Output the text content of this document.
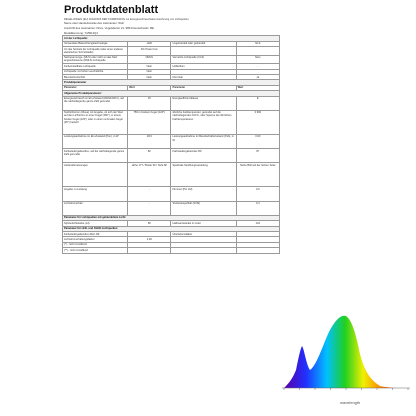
Produktdatenblatt
REGELUNGEN (EU) 2019/2015 DER KOMMISSION zur Energieverbrauchskennzeichnung von Lichtquellen
Name oder Handelsmarke des Lieferanten: Wofi
Anschrift des Lieferanten: Dries, Vogelsberstr 21, 9654 Deutschwritz, BE
Modellkennung: 7A5612Q4
Art der Lichtquelle:			
Verwendete Beleuchtungstechnologie	LED	Ungebündelt oder gebündelt	NLS
Art des Sockels der Lichtquelle (oder einer anderen elektrischen Schnittstelle)	DC Power bus		
Netzspannungs- (MLS) oder nicht an das Netz angeschlossene (NMLS) Lichtquelle	NMLS	Vernetzte Lichtquelle (CLS)	Nein
Farbeinstellbare Lichtquelle	Nein	Hüllkolben	-
Lichtquelle mit hoher Leuchtdichte	Nein		
Blendschutzschild	Nein	Dimmbar	Ja
Produktparameter			
Parameter	Wert	Parameter	Wert
Allgemeine Produktparameter:			
Energieverbrauch im Ein-Zustand (kWh/1000 h), auf die nächstliegende ganze Zahl gerundet	15	Energieeffizienzklasse	E
Nutzlichtstrom (Φuse) mit Angabe, ob sich der Wert auf den Lichtstrom in einer Kugel (360°), in einem breiten Kegel (120°) oder in einem schmalen Kegel (90°) bezieht	756 in breitem Kegel (120°)	ähnliche Farbtemperatur, gerundet auf die nächstliegenden 100 K, oder Spanne der ähnlichen Farbtemperaturen	3 900
Leistungsaufnahme im Ein-Zustand (Pon), in W	18,0	Leistungsaufnahme im Bereitschaftszustand (Psb), in W	0,00
Farbwiedergabeindex, auf die nächstliegende ganze Zahl gerundet	82	Farbwiedergabeindex R9	87
Außenabmessungen	Höhe 177 / Breite 30 / Tiefe 80	Spektrale Strahlungsverteilung	Siehe Bild auf der letzten Seite
Angabe zu Leistung	-	Flimmer (Pst LM)	0,9
Lichtstromerhalt	-	Stroboskopeffekt (SVM)	0,4
Parameter für Lichtquellen mit gebündeltem Licht:			
Spitzenlichtstärke (cd)	80	Halbwertswinkel in Grad	104
Parameter für LED- und OLED-Lichtquellen:			
Farbwiedergabeindex-Wert R9		Überlebensfaktor	
Lichtstromerhaltungsfaktor	1,00		
(*) - nicht zutreffend			
(**) - nicht zutreffend			
wavelength
